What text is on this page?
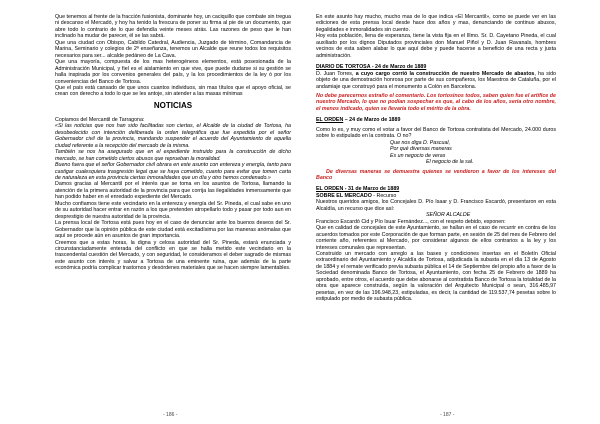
Que tenemos al frente de la fracción fusionista, dominante hoy, un caciquillo que combate sin tregua ni descanso el Mercadó, y hoy ha tenido la frescura de poner su firma al pie de un documento, que abre todo lo contrario de lo que defendía veinte meses atrás. Las razones de peso que le han inclinado ha mudar de parecer, él se las sabrá.

Que una ciudad con Obispo, Cabildo Catedral, Audiencia, Juzgado de término, Comandancia de Marina, Seminario y colegios de 2ª enseñanza, tenemos un Alcalde que reune todos los requisitos necesarios para ser... alcalde pedáneo de La Cava.

Que una mayoría, compuesta de los mas heterogéneos elementos, está posesionada de la Administración Municipal, y fiel es el aislamiento en que vive, que puede dudarse si su gestión se halla inspirada por los convenios generales del país, y la los procedimientos de la ley ó por los conveniencias del Banco de Tortosa.

Que el país está cansado de que unos cuantos individuos, sin mas títulos que el apoyo oficial, se crean con derecho a todo lo que se les antoje, sin atender a las masas mínimas

NOTICIAS

Copiamos del Mercantil de Tarragona:

«Si las noticias que nos han sido facilitadas son ciertas, el Alcalde de la ciudad de Tortosa, ha desobedecido con intención deliberada la orden telegráfica que fue expedida por el señor Gobernador civil de la provincia, mandando suspender el acuerdo del Ayuntamiento de aquella ciudad referente a la recepción del mercado de la misma.

También se nos ha asegurado que en el expediente instruido para la construcción de dicho mercado, se han cometido ciertos abusos que reprueban la moralidad.

Bueno fuera que el señor Gobernador civil obrara en este asunto con entereza y energía, tanto para castigar cualesquiera trasgresión legal que se haya cometido, cuanto para evitar que tomen carta de naturaleza en esta provincia ciertas inmoralidades que un día y otro hemos condenado.»

Damos gracias al Mercantil por el interés que se toma en los asuntos de Tortosa, llamando la atención de la primera autoridad de la provincia para que corrija las ilegalidades inmensamente que han podido haber en el enredado expediente del Mercado.

Mucho confiamos tiene este vecindario en la entereza y energía del Sr. Pineda, el cual sabe en uno de su autoridad hacer entrar en razón a los que pretenden atropellarlo todo y pasar por todo aun en desprestigio de nuestra autoridad de la provincia.

La prensa local de Tortosa está pues hoy en el caso de denunciar ante los buenos deseos del Sr. Gobernador que la opinión pública de este ciudad está excitadísima por las maneras anómalas que aquí se procede aún en asuntos de gran importancia.

Creemos que a estas horas, la digna y celosa autoridad del Sr. Pineda, estará enunciada y circunstanciadamente enterada del conflicto en que se halla metido este vecindario en la trascendental cuestión del Mercado, y con seguridad, le consideramos el deber sagrado de mismas este asunto con interés y salvar a Tortosa de una eminente ruina, que además de la parte económica podría complicar trastornos y desórdenes materiales que se hacen siempre lamentables.

En este asunto hay mucho, mucho mas de lo que indica «El Mercantil», como se puede ver en las ediciones de esta prensa local desde hace dos años y mas, denunciando de continuo abusos, ilegalidades e inmoralidades sin cuento.

Hoy esta población, llena de esperanza, tiene la vista fija en el Illmo. Sr. D. Cayetano Pineda, el cual auxiliado por los dignos Diputados provinciales don Manuel Piñol y D. Juan Ravanals, hombres vecinos de esta saben alabar lo que aquí debe y puede hacerse a beneficio de una recta y justa administración.

DIARIO DE TORTOSA - 24 de Marzo de 1889

D. Juan Torres, a cuyo cargo corrió la construcción de nuestro Mercado de abastos, ha sido objeto de una demostración honrosa por parte de sus compañeros, los Maestros de Cataluña, por el andamiaje que construyó para el monumento a Colón en Barcelona.

No debe parecernos extraño el comentario. Los tortosinos todos, saben quien fue el artífice de nuestro Mercado, lo que no podían sospechar es que, al cabo de los años, seria otro nombre, el menos indicado, quien se llevaría todo el mérito de la obra.

EL ORDEN – 24 de Marzo de 1889

Como lo es, y muy como el votar a favor del Banco de Tortosa contratista del Mercado, 24.000 duros sobre lo estipulado en la contrata. O no?

Que nos diga D. Pascual,

Por qué diversas maneras

Es un negocio de veras

El negocio de la sal.

De diversas maneras se demuestra quienes se vendieron a favor de los intereses del Banco

EL ORDEN - 31 de Marzo de 1889

SOBRE EL MERCADO - Recurso

Nuestros queridos amigos, los Concejales D. Pío Isaar y D. Francisco Escardó, presentaron en esta Alcaldía, un recurso que dice así:

SEÑOR ALCALDE

Francisco Escardó Cid y Pío Isuar Fernández..., con el respeto debido, exponen:

Que en calidad de concejales de este Ayuntamiento, se hallan en el caso de recurrir en contra de los acuerdos tomados por este Corporación de que forman parte, en sesión de 25 del mes de Febrero del corriente año, referentes al Mercado, por considerar algunos de ellos contrarios a la ley y los intereses comunales que representan.

Construido un mercado con arreglo a las bases y condiciones insertas en el Boletín Oficial extraordinario del Ayuntamiento y Alcaldía de Tortosa, adjudicada la subasta en el día 13 de Agosto de 1884 y el remate verificado previa subasta pública el 14 de Septiembre del propio año a favor de la Sociedad denominada Banco de Tortosa, el Ayuntamiento, con fecha 25 de Febrero de 1889 ha aprobado, entre otros, el acuerdo que debe abonarse al contratista Banco de Tortosa la totalidad de la obra que aparece construida, según la valoración del Arquitecto Municipal o sean, 316.485,97 pesetas, en vez de las 196.948,23, estipuladas, es decir, la cantidad de 119.537,74 pesetas sobre lo estipulado por medio de subasta pública.

- 186 -	- 187 -
